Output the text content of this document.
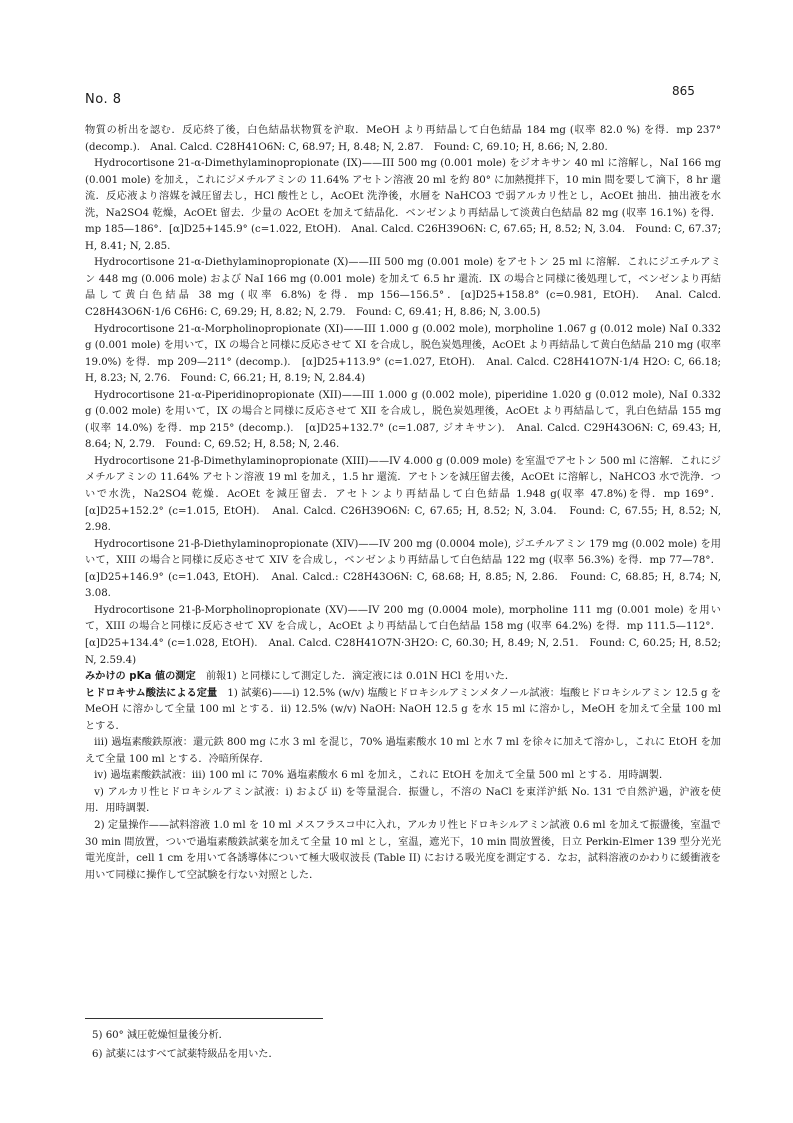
No. 8
865

物質の析出を認む．反応終了後，白色結晶状物質を沪取．MeOH より再結晶して白色結晶 184 mg (収率 82.0 %) を得．mp 237° (decomp.).　Anal. Calcd. C28H41O6N: C, 68.97; H, 8.48; N, 2.87.　Found: C, 69.10; H, 8.66; N, 2.80.

Hydrocortisone 21-α-Dimethylaminopropionate (IX)——III 500 mg (0.001 mole) をジオキサン 40 ml に溶解し，NaI 166 mg (0.001 mole) を加え，これにジメチルアミンの 11.64% アセトン溶液 20 ml を約 80° に加熱撹拌下，10 min 間を要して滴下，8 hr 還流．反応液より溶媒を減圧留去し，HCl 酸性とし，AcOEt 洗浄後，水層を NaHCO3 で弱アルカリ性とし，AcOEt 抽出．抽出液を水洗，Na2SO4 乾燥，AcOEt 留去．少量の AcOEt を加えて結晶化．ベンゼンより再結晶して淡黄白色結晶 82 mg (収率 16.1%) を得．mp 185—186°．[α]D25+145.9° (c=1.022, EtOH).　Anal. Calcd. C26H39O6N: C, 67.65; H, 8.52; N, 3.04.　Found: C, 67.37; H, 8.41; N, 2.85.

Hydrocortisone 21-α-Diethylaminopropionate (X)——III 500 mg (0.001 mole) をアセトン 25 ml に溶解．これにジエチルアミン 448 mg (0.006 mole) および NaI 166 mg (0.001 mole) を加えて 6.5 hr 還流．IX の場合と同様に後処理して，ベンゼンより再結晶して黄白色結晶 38 mg (収率 6.8%) を得．mp 156—156.5°．[α]D25+158.8° (c=0.981, EtOH).　Anal. Calcd. C28H43O6N·1/6 C6H6: C, 69.29; H, 8.82; N, 2.79.　Found: C, 69.41; H, 8.86; N, 3.00.5)

Hydrocortisone 21-α-Morpholinopropionate (XI)——III 1.000 g (0.002 mole), morpholine 1.067 g (0.012 mole) NaI 0.332 g (0.001 mole) を用いて，IX の場合と同様に反応させて XI を合成し，脱色炭処理後，AcOEt より再結晶して黄白色結晶 210 mg (収率 19.0%) を得．mp 209—211° (decomp.).　[α]D25+113.9° (c=1.027, EtOH).　Anal. Calcd. C28H41O7N·1/4 H2O: C, 66.18; H, 8.23; N, 2.76.　Found: C, 66.21; H, 8.19; N, 2.84.4)

Hydrocortisone 21-α-Piperidinopropionate (XII)——III 1.000 g (0.002 mole), piperidine 1.020 g (0.012 mole), NaI 0.332 g (0.002 mole) を用いて，IX の場合と同様に反応させて XII を合成し，脱色炭処理後，AcOEt より再結晶して，乳白色結晶 155 mg (収率 14.0%) を得．mp 215° (decomp.).　[α]D25+132.7° (c=1.087, ジオキサン).　Anal. Calcd. C29H43O6N: C, 69.43; H, 8.64; N, 2.79.　Found: C, 69.52; H, 8.58; N, 2.46.

Hydrocortisone 21-β-Dimethylaminopropionate (XIII)——IV 4.000 g (0.009 mole) を室温でアセトン 500 ml に溶解．これにジメチルアミンの 11.64% アセトン溶液 19 ml を加え，1.5 hr 還流．アセトンを減圧留去後，AcOEt に溶解し，NaHCO3 水で洗浄．ついで水洗，Na2SO4 乾燥．AcOEt を減圧留去．アセトンより再結晶して白色結晶 1.948 g(収率 47.8%)を得．mp 169°．[α]D25+152.2° (c=1.015, EtOH).　Anal. Calcd. C26H39O6N: C, 67.65; H, 8.52; N, 3.04.　Found: C, 67.55; H, 8.52; N, 2.98.

Hydrocortisone 21-β-Diethylaminopropionate (XIV)——IV 200 mg (0.0004 mole), ジエチルアミン 179 mg (0.002 mole) を用いて，XIII の場合と同様に反応させて XIV を合成し，ベンゼンより再結晶して白色結晶 122 mg (収率 56.3%) を得．mp 77—78°．[α]D25+146.9° (c=1.043, EtOH).　Anal. Calcd.: C28H43O6N: C, 68.68; H, 8.85; N, 2.86.　Found: C, 68.85; H, 8.74; N, 3.08.

Hydrocortisone 21-β-Morpholinopropionate (XV)——IV 200 mg (0.0004 mole), morpholine 111 mg (0.001 mole) を用いて，XIII の場合と同様に反応させて XV を合成し，AcOEt より再結晶して白色結晶 158 mg (収率 64.2%) を得．mp 111.5—112°．[α]D25+134.4° (c=1.028, EtOH).　Anal. Calcd. C28H41O7N·3H2O: C, 60.30; H, 8.49; N, 2.51.　Found: C, 60.25; H, 8.52; N, 2.59.4)

みかけの pKa 値の測定　 前報1) と同様にして測定した．滴定液には 0.01N HCl を用いた．

ヒドロキサム酸法による定量　 1) 試薬6)——i) 12.5% (w/v) 塩酸ヒドロキシルアミンメタノール試液：塩酸ヒドロキシルアミン 12.5 g を MeOH に溶かして全量 100 ml とする．ii) 12.5% (w/v) NaOH: NaOH 12.5 g を水 15 ml に溶かし，MeOH を加えて全量 100 ml とする．

iii) 過塩素酸鉄原液：還元鉄 800 mg に水 3 ml を混じ，70% 過塩素酸水 10 ml と水 7 ml を徐々に加えて溶かし，これに EtOH を加えて全量 100 ml とする．冷暗所保存．

iv) 過塩素酸鉄試液：iii) 100 ml に 70% 過塩素酸水 6 ml を加え，これに EtOH を加えて全量 500 ml とする．用時調製．

v) アルカリ性ヒドロキシルアミン試液：i) および ii) を等量混合．振盪し，不溶の NaCl を東洋沪紙 No. 131 で自然沪過，沪液を使用．用時調製．

2) 定量操作——試料溶液 1.0 ml を 10 ml メスフラスコ中に入れ，アルカリ性ヒドロキシルアミン試液 0.6 ml を加えて振盪後，室温で 30 min 間放置，ついで過塩素酸鉄試薬を加えて全量 10 ml とし，室温，遮光下，10 min 間放置後，日立 Perkin-Elmer 139 型分光光電光度計，cell 1 cm を用いて各誘導体について極大吸収波長 (Table II) における吸光度を測定する．なお，試料溶液のかわりに緩衝液を用いて同様に操作して空試験を行ない対照とした．

5) 60° 減圧乾燥恒量後分析．
6) 試薬にはすべて試薬特級品を用いた．
